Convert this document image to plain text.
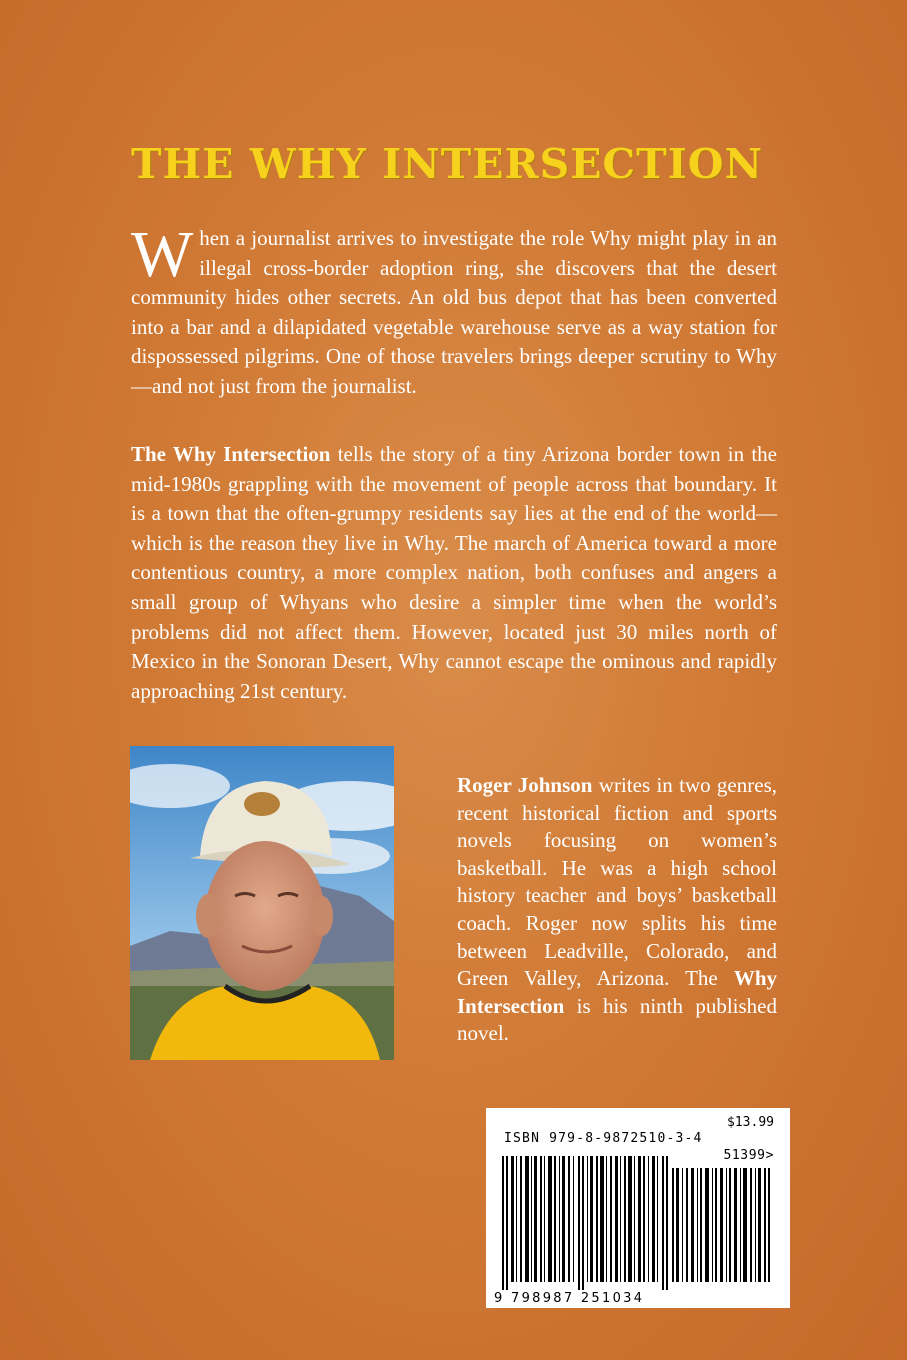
THE WHY INTERSECTION

When a journalist arrives to investigate the role Why might play in an illegal cross-border adoption ring, she discovers that the desert community hides other secrets. An old bus depot that has been converted into a bar and a dilapidated vegetable warehouse serve as a way station for dispossessed pilgrims. One of those travelers brings deeper scrutiny to Why—and not just from the journalist.

The Why Intersection tells the story of a tiny Arizona border town in the mid-1980s grappling with the movement of people across that boundary. It is a town that the often-grumpy residents say lies at the end of the world—which is the reason they live in Why. The march of America toward a more contentious country, a more complex nation, both confuses and angers a small group of Whyans who desire a simpler time when the world’s problems did not affect them. However, located just 30 miles north of Mexico in the Sonoran Desert, Why cannot escape the ominous and rapidly approaching 21st century.

Roger Johnson writes in two genres, recent historical fiction and sports novels focusing on women’s basketball. He was a high school history teacher and boys’ basketball coach. Roger now splits his time between Leadville, Colorado, and Green Valley, Arizona. The Why Intersection is his ninth published novel.

$13.99
ISBN 979-8-9872510-3-4
51399>
9 798987 251034
